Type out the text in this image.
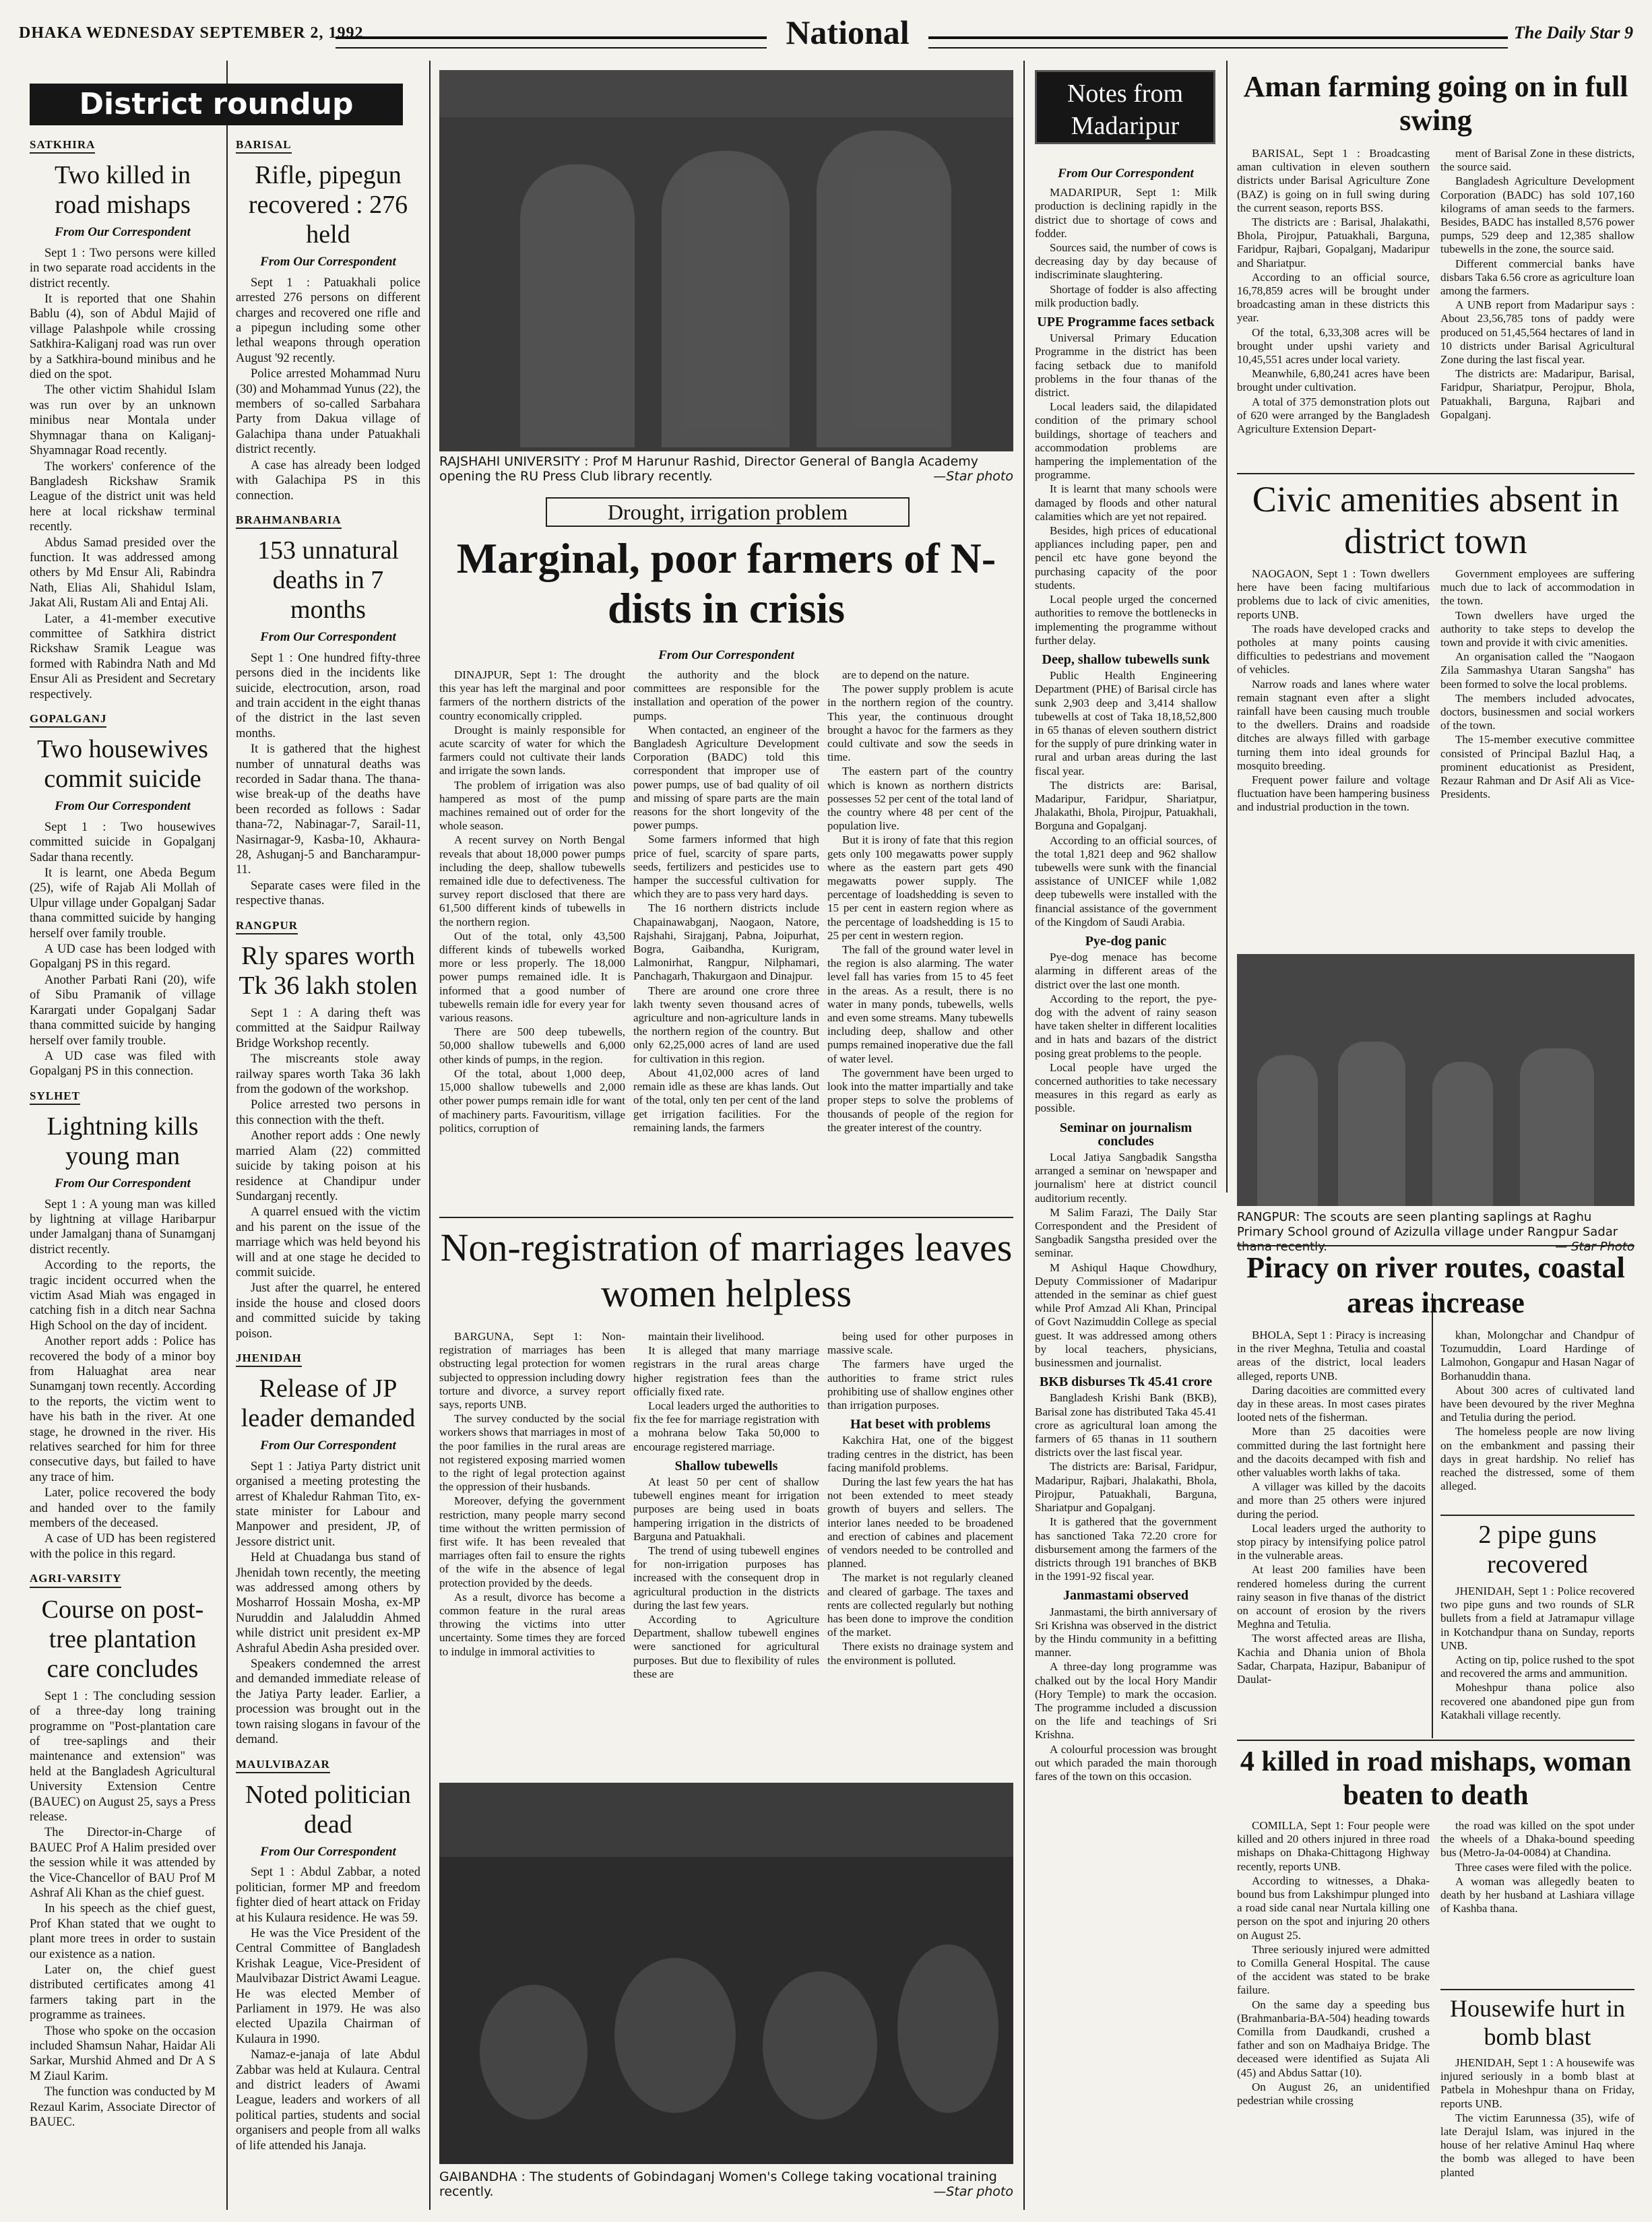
DHAKA WEDNESDAY SEPTEMBER 2, 1992	National	The Daily Star 9
District roundup
SATKHIRA
Two killed in road mishaps
From Our Correspondent

Sept 1 : Two persons were killed in two separate road accidents in the district recently.

It is reported that one Shahin Bablu (4), son of Abdul Majid of village Palashpole while crossing Satkhira-Kaliganj road was run over by a Satkhira-bound minibus and he died on the spot.

The other victim Shahidul Islam was run over by an unknown minibus near Montala under Shymnagar thana on Kaliganj-Shyamnagar Road recently.

The workers' conference of the Bangladesh Rickshaw Sramik League of the district unit was held here at local rickshaw terminal recently.

Abdus Samad presided over the function. It was addressed among others by Md Ensur Ali, Rabindra Nath, Elias Ali, Shahidul Islam, Jakat Ali, Rustam Ali and Entaj Ali.

Later, a 41-member executive committee of Satkhira district Rickshaw Sramik League was formed with Rabindra Nath and Md Ensur Ali as President and Secretary respectively.

GOPALGANJ
Two housewives commit suicide
From Our Correspondent

Sept 1 : Two housewives committed suicide in Gopalganj Sadar thana recently.

It is learnt, one Abeda Begum (25), wife of Rajab Ali Mollah of Ulpur village under Gopalganj Sadar thana committed suicide by hanging herself over family trouble.

A UD case has been lodged with Gopalganj PS in this regard.

Another Parbati Rani (20), wife of Sibu Pramanik of village Karargati under Gopalganj Sadar thana committed suicide by hanging herself over family trouble.

A UD case was filed with Gopalganj PS in this connection.

SYLHET
Lightning kills young man
From Our Correspondent

Sept 1 : A young man was killed by lightning at village Haribarpur under Jamalganj thana of Sunamganj district recently.

According to the reports, the tragic incident occurred when the victim Asad Miah was engaged in catching fish in a ditch near Sachna High School on the day of incident.

Another report adds : Police has recovered the body of a minor boy from Haluaghat area near Sunamganj town recently. According to the reports, the victim went to have his bath in the river. At one stage, he drowned in the river. His relatives searched for him for three consecutive days, but failed to have any trace of him.

Later, police recovered the body and handed over to the family members of the deceased.

A case of UD has been registered with the police in this regard.

AGRI-VARSITY
Course on post-tree plantation care concludes

Sept 1 : The concluding session of a three-day long training programme on "Post-plantation care of tree-saplings and their maintenance and extension" was held at the Bangladesh Agricultural University Extension Centre (BAUEC) on August 25, says a Press release.

The Director-in-Charge of BAUEC Prof A Halim presided over the session while it was attended by the Vice-Chancellor of BAU Prof M Ashraf Ali Khan as the chief guest.

In his speech as the chief guest, Prof Khan stated that we ought to plant more trees in order to sustain our existence as a nation.

Later on, the chief guest distributed certificates among 41 farmers taking part in the programme as trainees.

Those who spoke on the occasion included Shamsun Nahar, Haidar Ali Sarkar, Murshid Ahmed and Dr A S M Ziaul Karim.

The function was conducted by M Rezaul Karim, Associate Director of BAUEC.

BARISAL
Rifle, pipegun recovered : 276 held
From Our Correspondent

Sept 1 : Patuakhali police arrested 276 persons on different charges and recovered one rifle and a pipegun including some other lethal weapons through operation August '92 recently.

Police arrested Mohammad Nuru (30) and Mohammad Yunus (22), the members of so-called Sarbahara Party from Dakua village of Galachipa thana under Patuakhali district recently.

A case has already been lodged with Galachipa PS in this connection.

BRAHMANBARIA
153 unnatural deaths in 7 months
From Our Correspondent

Sept 1 : One hundred fifty-three persons died in the incidents like suicide, electrocution, arson, road and train accident in the eight thanas of the district in the last seven months.

It is gathered that the highest number of unnatural deaths was recorded in Sadar thana. The thana-wise break-up of the deaths have been recorded as follows : Sadar thana-72, Nabinagar-7, Sarail-11, Nasirnagar-9, Kasba-10, Akhaura-28, Ashuganj-5 and Bancharampur-11.

Separate cases were filed in the respective thanas.

RANGPUR
Rly spares worth Tk 36 lakh stolen

Sept 1 : A daring theft was committed at the Saidpur Railway Bridge Workshop recently.

The miscreants stole away railway spares worth Taka 36 lakh from the godown of the workshop.

Police arrested two persons in this connection with the theft.

Another report adds : One newly married Alam (22) committed suicide by taking poison at his residence at Chandipur under Sundarganj recently.

A quarrel ensued with the victim and his parent on the issue of the marriage which was held beyond his will and at one stage he decided to commit suicide.

Just after the quarrel, he entered inside the house and closed doors and committed suicide by taking poison.

JHENIDAH
Release of JP leader demanded
From Our Correspondent

Sept 1 : Jatiya Party district unit organised a meeting protesting the arrest of Khaledur Rahman Tito, ex-state minister for Labour and Manpower and president, JP, of Jessore district unit.

Held at Chuadanga bus stand of Jhenidah town recently, the meeting was addressed among others by Mosharrof Hossain Mosha, ex-MP Nuruddin and Jalaluddin Ahmed while district unit president ex-MP Ashraful Abedin Asha presided over.

Speakers condemned the arrest and demanded immediate release of the Jatiya Party leader. Earlier, a procession was brought out in the town raising slogans in favour of the demand.

MAULVIBAZAR
Noted politician dead
From Our Correspondent

Sept 1 : Abdul Zabbar, a noted politician, former MP and freedom fighter died of heart attack on Friday at his Kulaura residence. He was 59.

He was the Vice President of the Central Committee of Bangladesh Krishak League, Vice-President of Maulvibazar District Awami League. He was elected Member of Parliament in 1979. He was also elected Upazila Chairman of Kulaura in 1990.

Namaz-e-janaja of late Abdul Zabbar was held at Kulaura. Central and district leaders of Awami League, leaders and workers of all political parties, students and social organisers and people from all walks of life attended his Janaja.

RAJSHAHI UNIVERSITY : Prof M Harunur Rashid, Director General of Bangla Academy opening the RU Press Club library recently.	—Star photo
Drought, irrigation problem
Marginal, poor farmers of N-dists in crisis
From Our Correspondent

DINAJPUR, Sept 1: The drought this year has left the marginal and poor farmers of the northern districts of the country economically crippled.

Drought is mainly responsible for acute scarcity of water for which the farmers could not cultivate their lands and irrigate the sown lands.

The problem of irrigation was also hampered as most of the pump machines remained out of order for the whole season.

A recent survey on North Bengal reveals that about 18,000 power pumps including the deep, shallow tubewells remained idle due to defectiveness. The survey report disclosed that there are 61,500 different kinds of tubewells in the northern region.

Out of the total, only 43,500 different kinds of tubewells worked more or less properly. The 18,000 power pumps remained idle. It is informed that a good number of tubewells remain idle for every year for various reasons.

There are 500 deep tubewells, 50,000 shallow tubewells and 6,000 other kinds of pumps, in the region.

Of the total, about 1,000 deep, 15,000 shallow tubewells and 2,000 other power pumps remain idle for want of machinery parts. Favouritism, village politics, corruption of

the authority and the block committees are responsible for the installation and operation of the power pumps.

When contacted, an engineer of the Bangladesh Agriculture Development Corporation (BADC) told this correspondent that improper use of power pumps, use of bad quality of oil and missing of spare parts are the main reasons for the short longevity of the power pumps.

Some farmers informed that high price of fuel, scarcity of spare parts, seeds, fertilizers and pesticides use to hamper the successful cultivation for which they are to pass very hard days.

The 16 northern districts include Chapainawabganj, Naogaon, Natore, Rajshahi, Sirajganj, Pabna, Joipurhat, Bogra, Gaibandha, Kurigram, Lalmonirhat, Rangpur, Nilphamari, Panchagarh, Thakurgaon and Dinajpur.

There are around one crore three lakh twenty seven thousand acres of agriculture and non-agriculture lands in the northern region of the country. But only 62,25,000 acres of land are used for cultivation in this region.

About 41,02,000 acres of land remain idle as these are khas lands. Out of the total, only ten per cent of the land get irrigation facilities. For the remaining lands, the farmers

are to depend on the nature.

The power supply problem is acute in the northern region of the country. This year, the continuous drought brought a havoc for the farmers as they could cultivate and sow the seeds in time.

The eastern part of the country which is known as northern districts possesses 52 per cent of the total land of the country where 48 per cent of the population live.

But it is irony of fate that this region gets only 100 megawatts power supply where as the eastern part gets 490 megawatts power supply. The percentage of loadshedding is seven to 15 per cent in eastern region where as the percentage of loadshedding is 15 to 25 per cent in western region.

The fall of the ground water level in the region is also alarming. The water level fall has varies from 15 to 45 feet in the areas. As a result, there is no water in many ponds, tubewells, wells and even some streams. Many tubewells including deep, shallow and other pumps remained inoperative due the fall of water level.

The government have been urged to look into the matter impartially and take proper steps to solve the problems of thousands of people of the region for the greater interest of the country.

Non-registration of marriages leaves women helpless

BARGUNA, Sept 1: Non-registration of marriages has been obstructing legal protection for women subjected to oppression including dowry torture and divorce, a survey report says, reports UNB.

The survey conducted by the social workers shows that marriages in most of the poor families in the rural areas are not registered exposing married women to the right of legal protection against the oppression of their husbands.

Moreover, defying the government restriction, many people marry second time without the written permission of first wife. It has been revealed that marriages often fail to ensure the rights of the wife in the absence of legal protection provided by the deeds.

As a result, divorce has become a common feature in the rural areas throwing the victims into utter uncertainty. Some times they are forced to indulge in immoral activities to

maintain their livelihood.

It is alleged that many marriage registrars in the rural areas charge higher registration fees than the officially fixed rate.

Local leaders urged the authorities to fix the fee for marriage registration with a mohrana below Taka 50,000 to encourage registered marriage.

Shallow tubewells

At least 50 per cent of shallow tubewell engines meant for irrigation purposes are being used in boats hampering irrigation in the districts of Barguna and Patuakhali.

The trend of using tubewell engines for non-irrigation purposes has increased with the consequent drop in agricultural production in the districts during the last few years.

According to Agriculture Department, shallow tubewell engines were sanctioned for agricultural purposes. But due to flexibility of rules these are

being used for other purposes in massive scale.

The farmers have urged the authorities to frame strict rules prohibiting use of shallow engines other than irrigation purposes.

Hat beset with problems

Kakchira Hat, one of the biggest trading centres in the district, has been facing manifold problems.

During the last few years the hat has not been extended to meet steady growth of buyers and sellers. The interior lanes needed to be broadened and erection of cabines and placement of vendors needed to be controlled and planned.

The market is not regularly cleaned and cleared of garbage. The taxes and rents are collected regularly but nothing has been done to improve the condition of the market.

There exists no drainage system and the environment is polluted.

GAIBANDHA : The students of Gobindaganj Women's College taking vocational training recently.	—Star photo
Notes from
Madaripur
From Our Correspondent

MADARIPUR, Sept 1: Milk production is declining rapidly in the district due to shortage of cows and fodder.

Sources said, the number of cows is decreasing day by day because of indiscriminate slaughtering.

Shortage of fodder is also affecting milk production badly.

UPE Programme faces setback

Universal Primary Education Programme in the district has been facing setback due to manifold problems in the four thanas of the district.

Local leaders said, the dilapidated condition of the primary school buildings, shortage of teachers and accommodation problems are hampering the implementation of the programme.

It is learnt that many schools were damaged by floods and other natural calamities which are yet not repaired.

Besides, high prices of educational appliances including paper, pen and pencil etc have gone beyond the purchasing capacity of the poor students.

Local people urged the concerned authorities to remove the bottlenecks in implementing the programme without further delay.

Deep, shallow tubewells sunk

Public Health Engineering Department (PHE) of Barisal circle has sunk 2,903 deep and 3,414 shallow tubewells at cost of Taka 18,18,52,800 in 65 thanas of eleven southern district for the supply of pure drinking water in rural and urban areas during the last fiscal year.

The districts are: Barisal, Madaripur, Faridpur, Shariatpur, Jhalakathi, Bhola, Pirojpur, Patuakhali, Borguna and Gopalganj.

According to an official sources, of the total 1,821 deep and 962 shallow tubewells were sunk with the financial assistance of UNICEF while 1,082 deep tubewells were installed with the financial assistance of the government of the Kingdom of Saudi Arabia.

Pye-dog panic

Pye-dog menace has become alarming in different areas of the district over the last one month.

According to the report, the pye-dog with the advent of rainy season have taken shelter in different localities and in hats and bazars of the district posing great problems to the people.

Local people have urged the concerned authorities to take necessary measures in this regard as early as possible.

Seminar on journalism concludes

Local Jatiya Sangbadik Sangstha arranged a seminar on 'newspaper and journalism' here at district council auditorium recently.

M Salim Farazi, The Daily Star Correspondent and the President of Sangbadik Sangstha presided over the seminar.

M Ashiqul Haque Chowdhury, Deputy Commissioner of Madaripur attended in the seminar as chief guest while Prof Amzad Ali Khan, Principal of Govt Nazimuddin College as special guest. It was addressed among others by local teachers, physicians, businessmen and journalist.

BKB disburses Tk 45.41 crore

Bangladesh Krishi Bank (BKB), Barisal zone has distributed Taka 45.41 crore as agricultural loan among the farmers of 65 thanas in 11 southern districts over the last fiscal year.

The districts are: Barisal, Faridpur, Madaripur, Rajbari, Jhalakathi, Bhola, Pirojpur, Patuakhali, Barguna, Shariatpur and Gopalganj.

It is gathered that the government has sanctioned Taka 72.20 crore for disbursement among the farmers of the districts through 191 branches of BKB in the 1991-92 fiscal year.

Janmastami observed

Janmastami, the birth anniversary of Sri Krishna was observed in the district by the Hindu community in a befitting manner.

A three-day long programme was chalked out by the local Hory Mandir (Hory Temple) to mark the occasion. The programme included a discussion on the life and teachings of Sri Krishna.

A colourful procession was brought out which paraded the main thorough fares of the town on this occasion.

Aman farming going on in full swing

BARISAL, Sept 1 : Broadcasting aman cultivation in eleven southern districts under Barisal Agriculture Zone (BAZ) is going on in full swing during the current season, reports BSS.

The districts are : Barisal, Jhalakathi, Bhola, Pirojpur, Patuakhali, Barguna, Faridpur, Rajbari, Gopalganj, Madaripur and Shariatpur.

According to an official source, 16,78,859 acres will be brought under broadcasting aman in these districts this year.

Of the total, 6,33,308 acres will be brought under upshi variety and 10,45,551 acres under local variety.

Meanwhile, 6,80,241 acres have been brought under cultivation.

A total of 375 demonstration plots out of 620 were arranged by the Bangladesh Agriculture Extension Depart-

ment of Barisal Zone in these districts, the source said.

Bangladesh Agriculture Development Corporation (BADC) has sold 107,160 kilograms of aman seeds to the farmers. Besides, BADC has installed 8,576 power pumps, 529 deep and 12,385 shallow tubewells in the zone, the source said.

Different commercial banks have disbars Taka 6.56 crore as agriculture loan among the farmers.

A UNB report from Madaripur says : About 23,56,785 tons of paddy were produced on 51,45,564 hectares of land in 10 districts under Barisal Agricultural Zone during the last fiscal year.

The districts are: Madaripur, Barisal, Faridpur, Shariatpur, Perojpur, Bhola, Patuakhali, Barguna, Rajbari and Gopalganj.

Civic amenities absent in district town

NAOGAON, Sept 1 : Town dwellers here have been facing multifarious problems due to lack of civic amenities, reports UNB.

The roads have developed cracks and potholes at many points causing difficulties to pedestrians and movement of vehicles.

Narrow roads and lanes where water remain stagnant even after a slight rainfall have been causing much trouble to the dwellers. Drains and roadside ditches are always filled with garbage turning them into ideal grounds for mosquito breeding.

Frequent power failure and voltage fluctuation have been hampering business and industrial production in the town.

Government employees are suffering much due to lack of accommodation in the town.

Town dwellers have urged the authority to take steps to develop the town and provide it with civic amenities.

An organisation called the "Naogaon Zila Sammashya Utaran Sangsha" has been formed to solve the local problems.

The members included advocates, doctors, businessmen and social workers of the town.

The 15-member executive committee consisted of Principal Bazlul Haq, a prominent educationist as President, Rezaur Rahman and Dr Asif Ali as Vice-Presidents.

RANGPUR: The scouts are seen planting saplings at Raghu Primary School ground of Azizulla village under Rangpur Sadar thana recently.	— Star Photo
Piracy on river routes, coastal areas increase

BHOLA, Sept 1 : Piracy is increasing in the river Meghna, Tetulia and coastal areas of the district, local leaders alleged, reports UNB.

Daring dacoities are committed every day in these areas. In most cases pirates looted nets of the fisherman.

More than 25 dacoities were committed during the last fortnight here and the dacoits decamped with fish and other valuables worth lakhs of taka.

A villager was killed by the dacoits and more than 25 others were injured during the period.

Local leaders urged the authority to stop piracy by intensifying police patrol in the vulnerable areas.

At least 200 families have been rendered homeless during the current rainy season in five thanas of the district on account of erosion by the rivers Meghna and Tetulia.

The worst affected areas are Ilisha, Kachia and Dhania union of Bhola Sadar, Charpata, Hazipur, Babanipur of Daulat-

khan, Molongchar and Chandpur of Tozumuddin, Loard Hardinge of Lalmohon, Gongapur and Hasan Nagar of Borhanuddin thana.

About 300 acres of cultivated land have been devoured by the river Meghna and Tetulia during the period.

The homeless people are now living on the embankment and passing their days in great hardship. No relief has reached the distressed, some of them alleged.

2 pipe guns recovered

JHENIDAH, Sept 1 : Police recovered two pipe guns and two rounds of SLR bullets from a field at Jatramapur village in Kotchandpur thana on Sunday, reports UNB.

Acting on tip, police rushed to the spot and recovered the arms and ammunition.

Moheshpur thana police also recovered one abandoned pipe gun from Katakhali village recently.

4 killed in road mishaps, woman beaten to death

COMILLA, Sept 1: Four people were killed and 20 others injured in three road mishaps on Dhaka-Chittagong Highway recently, reports UNB.

According to witnesses, a Dhaka-bound bus from Lakshimpur plunged into a road side canal near Nurtala killing one person on the spot and injuring 20 others on August 25.

Three seriously injured were admitted to Comilla General Hospital. The cause of the accident was stated to be brake failure.

On the same day a speeding bus (Brahmanbaria-BA-504) heading towards Comilla from Daudkandi, crushed a father and son on Madhaiya Bridge. The deceased were identified as Sujata Ali (45) and Abdus Sattar (10).

On August 26, an unidentified pedestrian while crossing

the road was killed on the spot under the wheels of a Dhaka-bound speeding bus (Metro-Ja-04-0084) at Chandina.

Three cases were filed with the police.

A woman was allegedly beaten to death by her husband at Lashiara village of Kashba thana.

Housewife hurt in bomb blast

JHENIDAH, Sept 1 : A housewife was injured seriously in a bomb blast at Patbela in Moheshpur thana on Friday, reports UNB.

The victim Earunnessa (35), wife of late Derajul Islam, was injured in the house of her relative Aminul Haq where the bomb was alleged to have been planted
